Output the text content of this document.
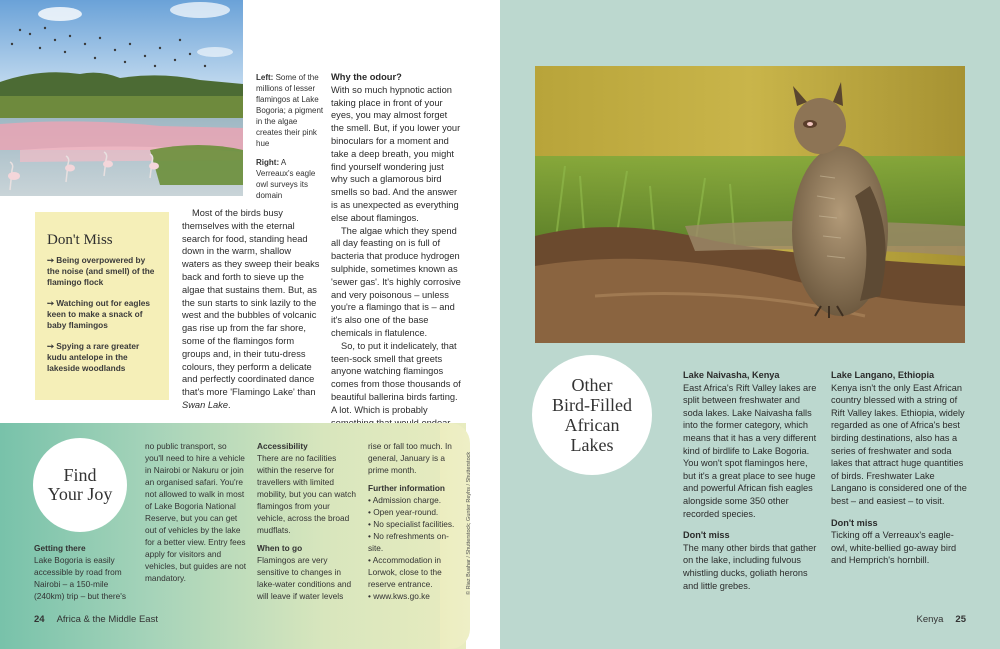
Left: Some of the millions of lesser flamingos at Lake Bogoria; a pigment in the algae creates their pink hue

Right: A Verreaux's eagle owl surveys its domain

Don't Miss
➙ Being overpowered by the noise (and smell) of the flamingo flock
➙ Watching out for eagles keen to make a snack of baby flamingos
➙ Spying a rare greater kudu antelope in the lakeside woodlands

Most of the birds busy themselves with the eternal search for food, standing head down in the warm, shallow waters as they sweep their beaks back and forth to sieve up the algae that sustains them. But, as the sun starts to sink lazily to the west and the bubbles of volcanic gas rise up from the far shore, some of the flamingos form groups and, in their tutu-dress colours, they perform a delicate and perfectly coordinated dance that's more 'Flamingo Lake' than Swan Lake.

Why the odour?

With so much hypnotic action taking place in front of your eyes, you may almost forget the smell. But, if you lower your binoculars for a moment and take a deep breath, you might find yourself wondering just why such a glamorous bird smells so bad. And the answer is as unexpected as everything else about flamingos.

The algae which they spend all day feasting on is full of bacteria that produce hydrogen sulphide, sometimes known as 'sewer gas'. It's highly corrosive and very poisonous – unless you're a flamingo that is – and it's also one of the base chemicals in flatulence.

So, to put it indelicately, that teen-sock smell that greets anyone watching flamingos comes from those thousands of beautiful ballerina birds farting. A lot. Which is probably

Find
Your Joy
Getting there
Lake Bogoria is easily accessible by road from Nairobi – a 150-mile (240km) trip – but there's
no public transport, so you'll need to hire a vehicle in Nairobi or Nakuru or join an organised safari. You're not allowed to walk in most of Lake Bogoria National Reserve, but you can get out of vehicles by the lake for a better view. Entry fees apply for visitors and vehicles, but guides are not mandatory.
Accessibility
There are no facilities within the reserve for travellers with limited mobility, but you can watch flamingos from your vehicle, across the broad mudflats.
When to go
Flamingos are very sensitive to changes in lake-water conditions and will leave if water levels
rise or fall too much. In general, January is a prime month.
Further information
• Admission charge.
• Open year-round.
• No specialist facilities.
• No refreshments on-site.
• Accommodation in Lorwok, close to the reserve entrance.
• www.kws.go.ke
© Riaz Buahar / Shutterstock; Gunter Reyhs / Shutterstock
24 Africa & the Middle East
Other
Bird-Filled
African
Lakes
Lake Naivasha, Kenya
East Africa's Rift Valley lakes are split between freshwater and soda lakes. Lake Naivasha falls into the former category, which means that it has a very different kind of birdlife to Lake Bogoria. You won't spot flamingos here, but it's a great place to see huge and powerful African fish eagles alongside some 350 other recorded species.
Don't miss
The many other birds that gather on the lake, including fulvous whistling ducks, goliath herons and little grebes.
Lake Langano, Ethiopia
Kenya isn't the only East African country blessed with a string of Rift Valley lakes. Ethiopia, widely regarded as one of Africa's best birding destinations, also has a series of freshwater and soda lakes that attract huge quantities of birds. Freshwater Lake Langano is considered one of the best – and easiest – to visit.
Don't miss
Ticking off a Verreaux's eagle-owl, white-bellied go-away bird and Hemprich's hornbill.
Kenya 25
